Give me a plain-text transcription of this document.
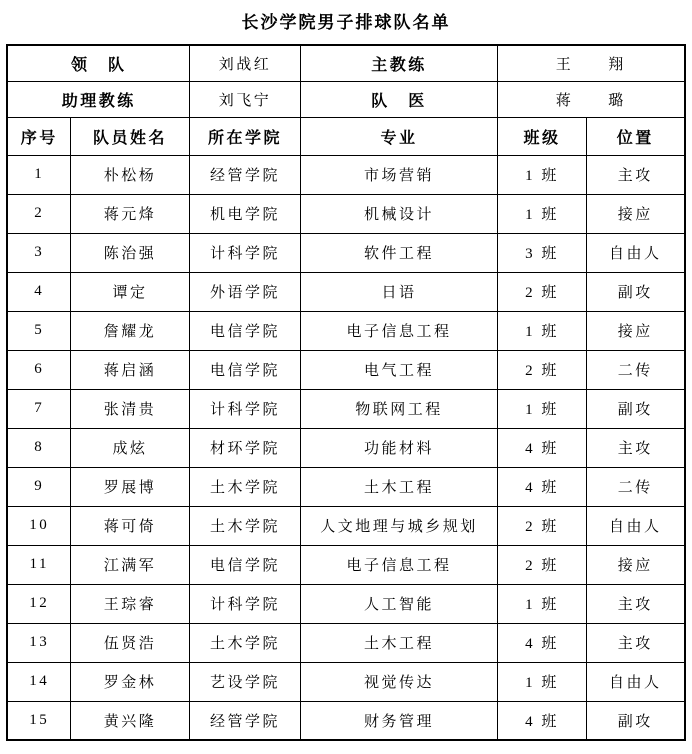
长沙学院男子排球队名单
领　队		刘战红	主教练	王　　翔	
助理教练		刘飞宁	队　医	蒋　　璐	
序号	队员姓名	所在学院	专业	班级	位置
1	朴松杨	经管学院	市场营销	1 班	主攻
2	蒋元烽	机电学院	机械设计	1 班	接应
3	陈治强	计科学院	软件工程	3 班	自由人
4	谭定	外语学院	日语	2 班	副攻
5	詹耀龙	电信学院	电子信息工程	1 班	接应
6	蒋启涵	电信学院	电气工程	2 班	二传
7	张清贵	计科学院	物联网工程	1 班	副攻
8	成炫	材环学院	功能材料	4 班	主攻
9	罗展博	土木学院	土木工程	4 班	二传
10	蒋可倚	土木学院	人文地理与城乡规划	2 班	自由人
11	江满军	电信学院	电子信息工程	2 班	接应
12	王琮睿	计科学院	人工智能	1 班	主攻
13	伍贤浩	土木学院	土木工程	4 班	主攻
14	罗金林	艺设学院	视觉传达	1 班	自由人
15	黄兴隆	经管学院	财务管理	4 班	副攻
